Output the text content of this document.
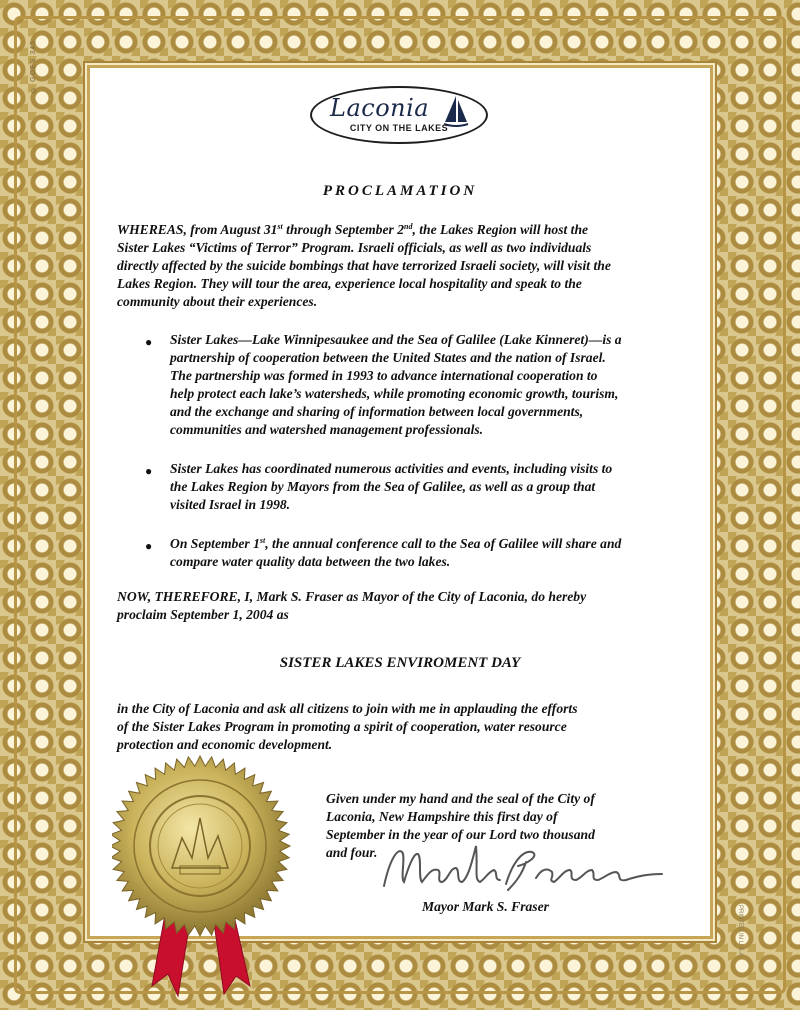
© GOES 345
PRINTED IN U.S.A.
Laconia
CITY ON THE LAKES
PROCLAMATION
WHEREAS, from August 31st through September 2nd, the Lakes Region will host the
Sister Lakes “Victims of Terror” Program. Israeli officials, as well as two individuals
directly affected by the suicide bombings that have terrorized Israeli society, will visit the
Lakes Region. They will tour the area, experience local hospitality and speak to the
community about their experiences.
● Sister Lakes—Lake Winnipesaukee and the Sea of Galilee (Lake Kinneret)—is a
partnership of cooperation between the United States and the nation of Israel.
The partnership was formed in 1993 to advance international cooperation to
help protect each lake’s watersheds, while promoting economic growth, tourism,
and the exchange and sharing of information between local governments,
communities and watershed management professionals.
● Sister Lakes has coordinated numerous activities and events, including visits to
the Lakes Region by Mayors from the Sea of Galilee, as well as a group that
visited Israel in 1998.
● On September 1st, the annual conference call to the Sea of Galilee will share and
compare water quality data between the two lakes.
NOW, THEREFORE, I, Mark S. Fraser as Mayor of the City of Laconia, do hereby
proclaim September 1, 2004 as
SISTER LAKES ENVIROMENT DAY
in the City of Laconia and ask all citizens to join with me in applauding the efforts
of the Sister Lakes Program in promoting a spirit of cooperation, water resource
protection and economic development.
Given under my hand and the seal of the City of
Laconia, New Hampshire this first day of
September in the year of our Lord two thousand
and four.
Mayor Mark S. Fraser
